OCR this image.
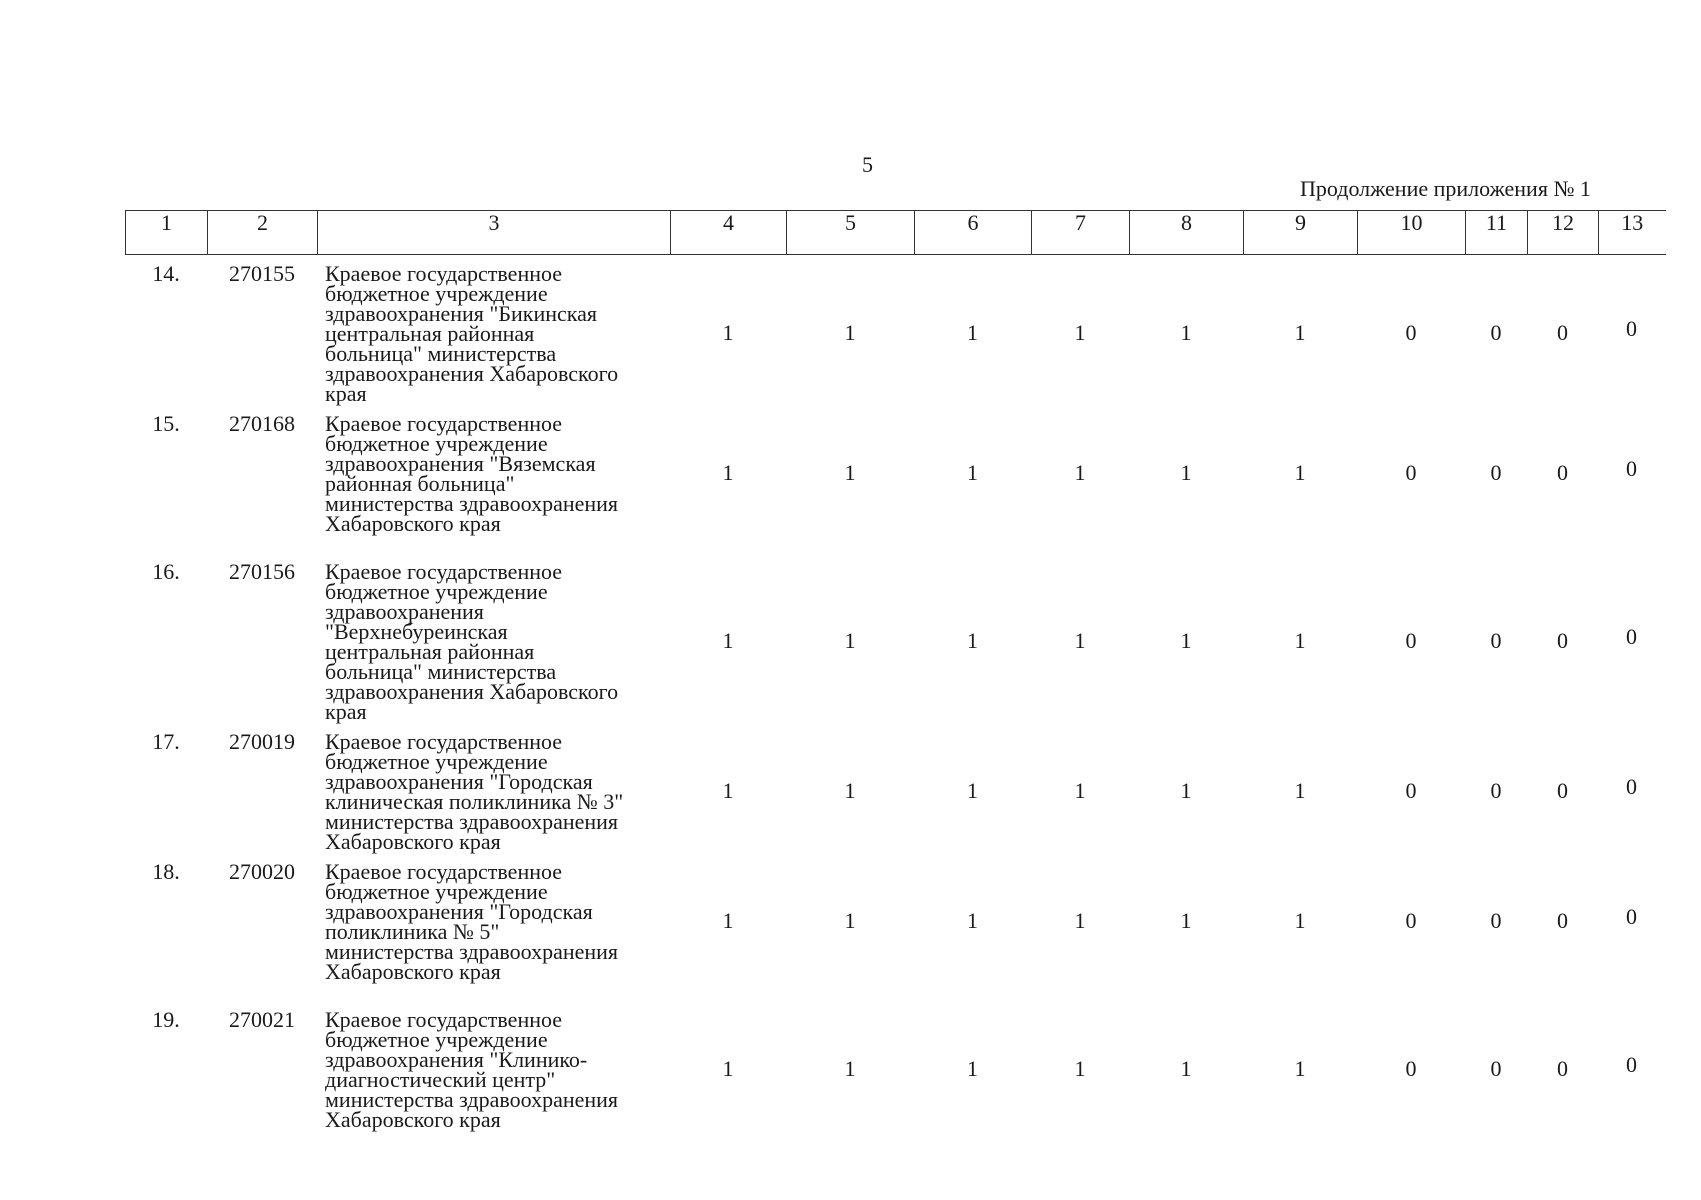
5
Продолжение приложения № 1
1	2	3	4	5	6	7	8	9	10	11	12	13
14.	270155	Краевое государственное
бюджетное учреждение
здравоохранения "Бикинская
центральная районная
больница" министерства
здравоохранения Хабаровского
края
1	1	1	1	1	1	0	0	0	0
15.	270168	Краевое государственное
бюджетное учреждение
здравоохранения "Вяземская
районная больница"
министерства здравоохранения
Хабаровского края
1	1	1	1	1	1	0	0	0	0
16.	270156	Краевое государственное
бюджетное учреждение
здравоохранения
"Верхнебуреинская
центральная районная
больница" министерства
здравоохранения Хабаровского
края
1	1	1	1	1	1	0	0	0	0
17.	270019	Краевое государственное
бюджетное учреждение
здравоохранения "Городская
клиническая поликлиника № 3"
министерства здравоохранения
Хабаровского края
1	1	1	1	1	1	0	0	0	0
18.	270020	Краевое государственное
бюджетное учреждение
здравоохранения "Городская
поликлиника № 5"
министерства здравоохранения
Хабаровского края
1	1	1	1	1	1	0	0	0	0
19.	270021	Краевое государственное
бюджетное учреждение
здравоохранения "Клинико-
диагностический центр"
министерства здравоохранения
Хабаровского края
1	1	1	1	1	1	0	0	0	0
